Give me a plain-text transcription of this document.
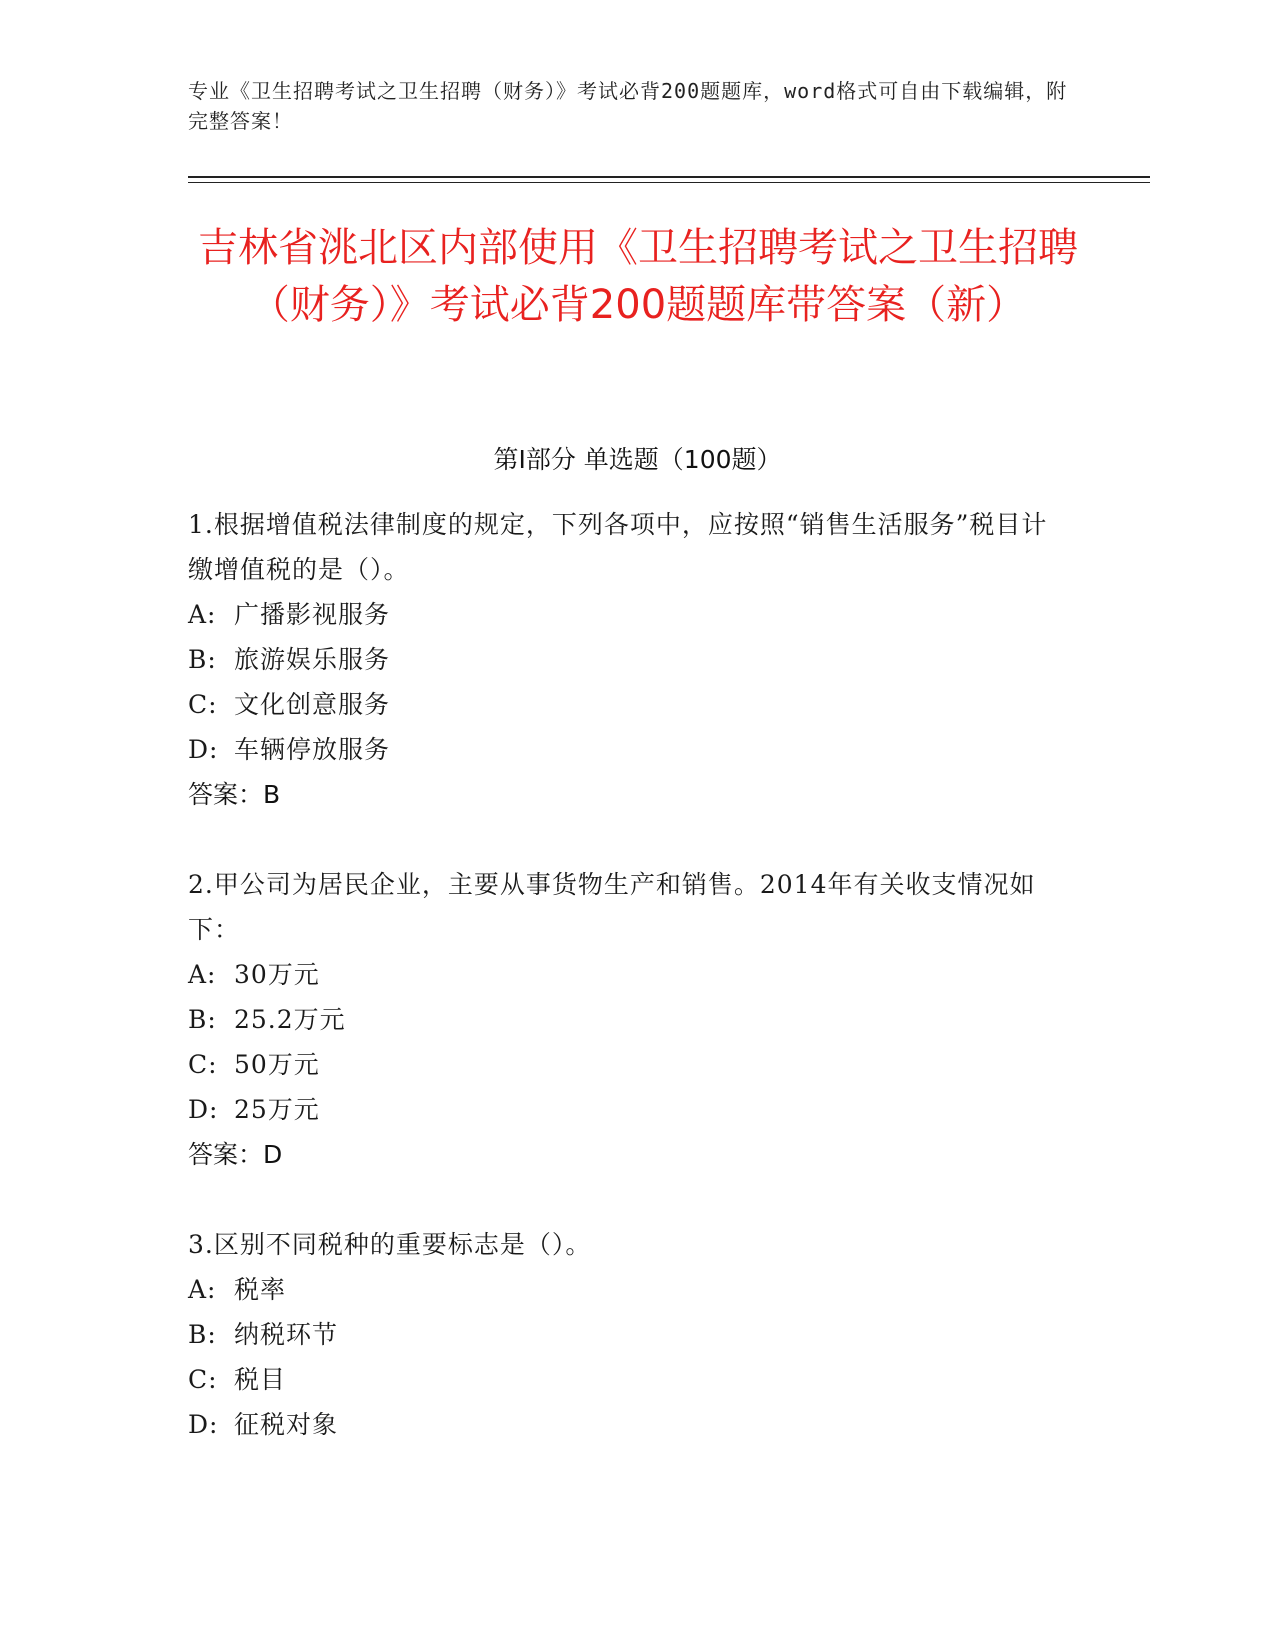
专业《卫生招聘考试之卫生招聘（财务）》考试必背200题题库，word格式可自由下载编辑，附完整答案！
吉林省洮北区内部使用《卫生招聘考试之卫生招聘（财务）》考试必背200题题库带答案（新）
第I部分 单选题（100题）

1.根据增值税法律制度的规定，下列各项中，应按照“销售生活服务”税目计缴增值税的是（）。

A: 广播影视服务

B: 旅游娱乐服务

C: 文化创意服务

D: 车辆停放服务

答案：B

2.甲公司为居民企业，主要从事货物生产和销售。2014年有关收支情况如下：

A: 30万元

B: 25.2万元

C: 50万元

D: 25万元

答案：D

3.区别不同税种的重要标志是（）。

A: 税率

B: 纳税环节

C: 税目

D: 征税对象
